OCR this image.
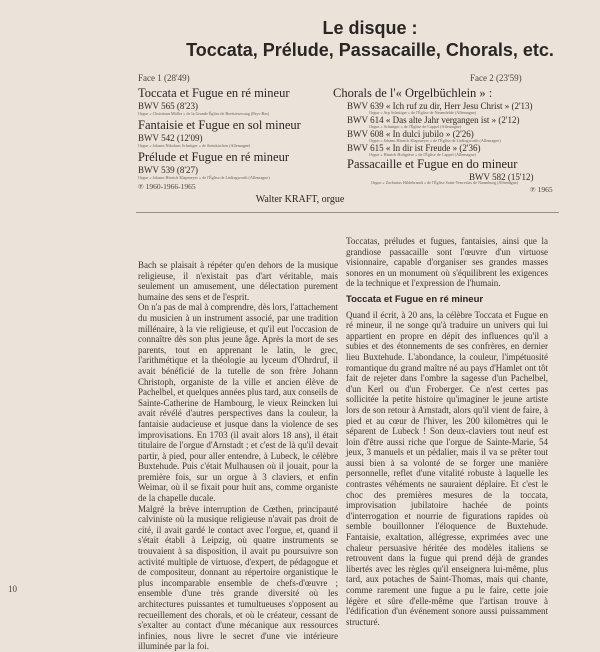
Le disque :
Toccata, Prélude, Passacaille, Chorals, etc.
Face 1 (28'49)
Toccata et Fugue en ré mineur
BWV 565 (8'23)
Orgue « Christiaan Müller » de la Grande Église de Beetsterzwaag (Pays-Bas)
Fantaisie et Fugue en sol mineur
BWV 542 (12'09)
Orgue « Johann Nikolaus Schnitger » de Steinkirchen (Allemagne)
Prélude et Fugue en ré mineur
BWV 539 (8'27)
Orgue « Johann Hinrich Klapmeyer » de l'Église de Lüdingworth (Allemagne)
℗ 1960-1966-1965
Face 2 (23'59)
Chorals de l'« Orgelbüchlein » :
BWV 639 « Ich ruf zu dir, Herr Jesu Christ » (2'13)
Orgue « Arp Schnitger » de l'Église de Neuenfelde (Allemagne)
BWV 614 « Das alte Jahr vergangen ist » (2'12)
Orgue « Schnitger » de l'Église de Cappel (Allemagne)
BWV 608 « In dulci jubilo » (2'26)
Orgue « Johann Hinrich Klapmeyer » de l'Église de Lüdingworth (Allemagne)
BWV 615 « In dir ist Freude » (2'36)
Orgue « Hinrich Holtgräve » de l'Église de Cappel (Allemagne)
Passacaille et Fugue en do mineur
BWV 582 (15'12)
Orgue « Zacharias Hildebrandt » de l'Église Saint-Venceslas de Naumburg (Allemagne)
℗ 1965
Walter KRAFT, orgue

Bach se plaisait à répéter qu'en dehors de la musique religieuse, il n'existait pas d'art véritable, mais seulement un amusement, une délectation purement humaine des sens et de l'esprit.

On n'a pas de mal à comprendre, dès lors, l'attachement du musicien à un instrument associé, par une tradition millénaire, à la vie religieuse, et qu'il eut l'occasion de connaître dès son plus jeune âge. Après la mort de ses parents, tout en apprenant le latin, le grec, l'arithmétique et la théologie au lyceum d'Ohrdruf, il avait bénéficié de la tutelle de son frère Johann Christoph, organiste de la ville et ancien élève de Pachelbel, et quelques années plus tard, aux conseils de Sainte-Catherine de Hambourg, le vieux Reincken lui avait révélé d'autres perspectives dans la couleur, la fantaisie audacieuse et jusque dans la violence de ses improvisations. En 1703 (il avait alors 18 ans), il était titulaire de l'orgue d'Arnstadt ; et c'est de là qu'il devait partir, à pied, pour aller entendre, à Lubeck, le célèbre Buxtehude. Puis c'était Mulhausen où il jouait, pour la première fois, sur un orgue à 3 claviers, et enfin Weimar, où il se fixait pour huit ans, comme organiste de la chapelle ducale.

Malgré la brève interruption de Cœthen, principauté calviniste où la musique religieuse n'avait pas droit de cité, il avait gardé le contact avec l'orgue, et, quand il s'était établi à Leipzig, où quatre instruments se trouvaient à sa disposition, il avait pu poursuivre son activité multiple de virtuose, d'expert, de pédagogue et de compositeur, donnant au répertoire organistique le plus incomparable ensemble de chefs-d'œuvre ; ensemble d'une très grande diversité où les architectures puissantes et tumultueuses s'opposent au recueillement des chorals, et où le créateur, cessant de s'exalter au contact d'une mécanique aux ressources infinies, nous livre le secret d'une vie intérieure illuminée par la foi.

Toccatas, préludes et fugues, fantaisies, ainsi que la grandiose passacaille sont l'œuvre d'un virtuose visionnaire, capable d'organiser ses grandes masses sonores en un monument où s'équilibrent les exigences de la technique et l'expression de l'humain.

Toccata et Fugue en ré mineur

Quand il écrit, à 20 ans, la célèbre Toccata et Fugue en ré mineur, il ne songe qu'à traduire un univers qui lui appartient en propre en dépit des influences qu'il a subies et des étonnements de ses confrères, en dernier lieu Buxtehude. L'abondance, la couleur, l'impétuosité romantique du grand maître né au pays d'Hamlet ont tôt fait de rejeter dans l'ombre la sagesse d'un Pachelbel, d'un Kerl ou d'un Froberger. Ce n'est certes pas sollicitée la petite histoire qu'imaginer le jeune artiste lors de son retour à Arnstadt, alors qu'il vient de faire, à pied et au cœur de l'hiver, les 200 kilomètres qui le séparent de Lubeck ! Son deux-claviers tout neuf est loin d'être aussi riche que l'orgue de Sainte-Marie, 54 jeux, 3 manuels et un pédalier, mais il va se prêter tout aussi bien à sa volonté de se forger une manière personnelle, reflet d'une vitalité robuste à laquelle les contrastes véhéments ne sauraient déplaire. Et c'est le choc des premières mesures de la toccata, improvisation jubilatoire hachée de points d'interrogation et nourrie de figurations rapides où semble bouillonner l'éloquence de Buxtehude. Fantaisie, exaltation, allégresse, exprimées avec une chaleur persuasive héritée des modèles italiens se retrouvent dans la fugue qui prend déjà de grandes libertés avec les règles qu'il enseignera lui-même, plus tard, aux potaches de Saint-Thomas, mais qui chante, comme rarement une fugue a pu le faire, cette joie légère et sûre d'elle-même que l'artisan trouve à l'édification d'un événement sonore aussi puissamment structuré.

10
